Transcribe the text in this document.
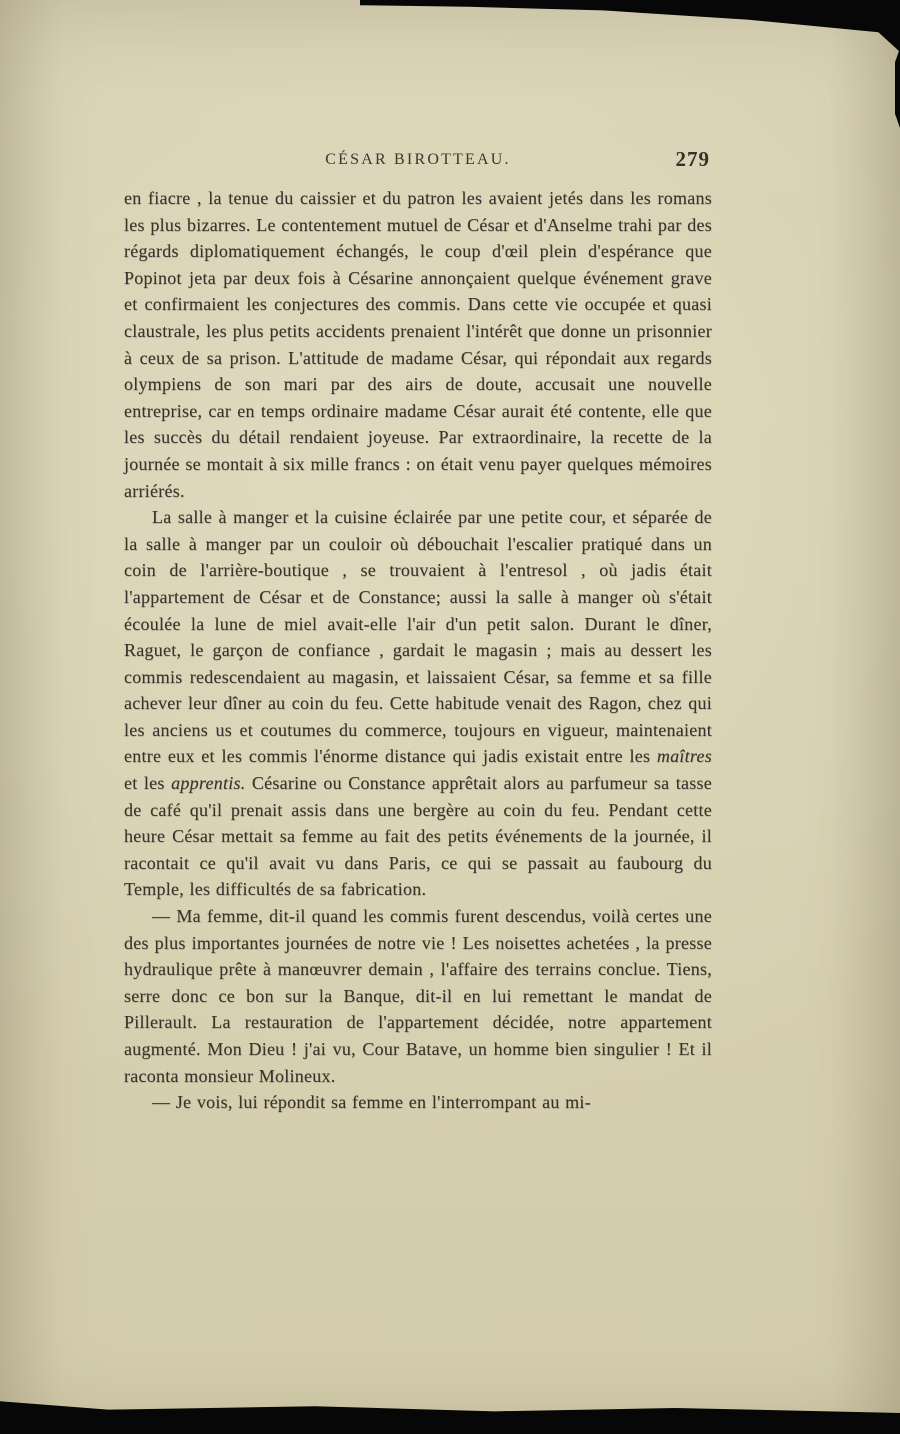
CÉSAR BIROTTEAU.	279

en fiacre , la tenue du caissier et du patron les avaient jetés dans les romans les plus bizarres. Le contentement mutuel de César et d'Anselme trahi par des régards diplomatiquement échangés, le coup d'œil plein d'espérance que Popinot jeta par deux fois à Césarine annonçaient quelque événement grave et confirmaient les conjectures des commis. Dans cette vie occupée et quasi claustrale, les plus petits accidents prenaient l'intérêt que donne un prisonnier à ceux de sa prison. L'attitude de madame César, qui répondait aux regards olympiens de son mari par des airs de doute, accusait une nouvelle entreprise, car en temps ordinaire madame César aurait été contente, elle que les succès du détail rendaient joyeuse. Par extraordinaire, la recette de la journée se montait à six mille francs : on était venu payer quelques mémoires arriérés.

La salle à manger et la cuisine éclairée par une petite cour, et séparée de la salle à manger par un couloir où débouchait l'escalier pratiqué dans un coin de l'arrière-boutique , se trouvaient à l'entresol , où jadis était l'appartement de César et de Constance; aussi la salle à manger où s'était écoulée la lune de miel avait-elle l'air d'un petit salon. Durant le dîner, Raguet, le garçon de confiance , gardait le magasin ; mais au dessert les commis redescendaient au magasin, et laissaient César, sa femme et sa fille achever leur dîner au coin du feu. Cette habitude venait des Ragon, chez qui les anciens us et coutumes du commerce, toujours en vigueur, maintenaient entre eux et les commis l'énorme distance qui jadis existait entre les maîtres et les apprentis. Césarine ou Constance apprêtait alors au parfumeur sa tasse de café qu'il prenait assis dans une bergère au coin du feu. Pendant cette heure César mettait sa femme au fait des petits événements de la journée, il racontait ce qu'il avait vu dans Paris, ce qui se passait au faubourg du Temple, les difficultés de sa fabrication.

— Ma femme, dit-il quand les commis furent descendus, voilà certes une des plus importantes journées de notre vie ! Les noisettes achetées , la presse hydraulique prête à manœuvrer demain , l'affaire des terrains conclue. Tiens, serre donc ce bon sur la Banque, dit-il en lui remettant le mandat de Pillerault. La restauration de l'appartement décidée, notre appartement augmenté. Mon Dieu ! j'ai vu, Cour Batave, un homme bien singulier ! Et il raconta monsieur Molineux.

— Je vois, lui répondit sa femme en l'interrompant au mi-
